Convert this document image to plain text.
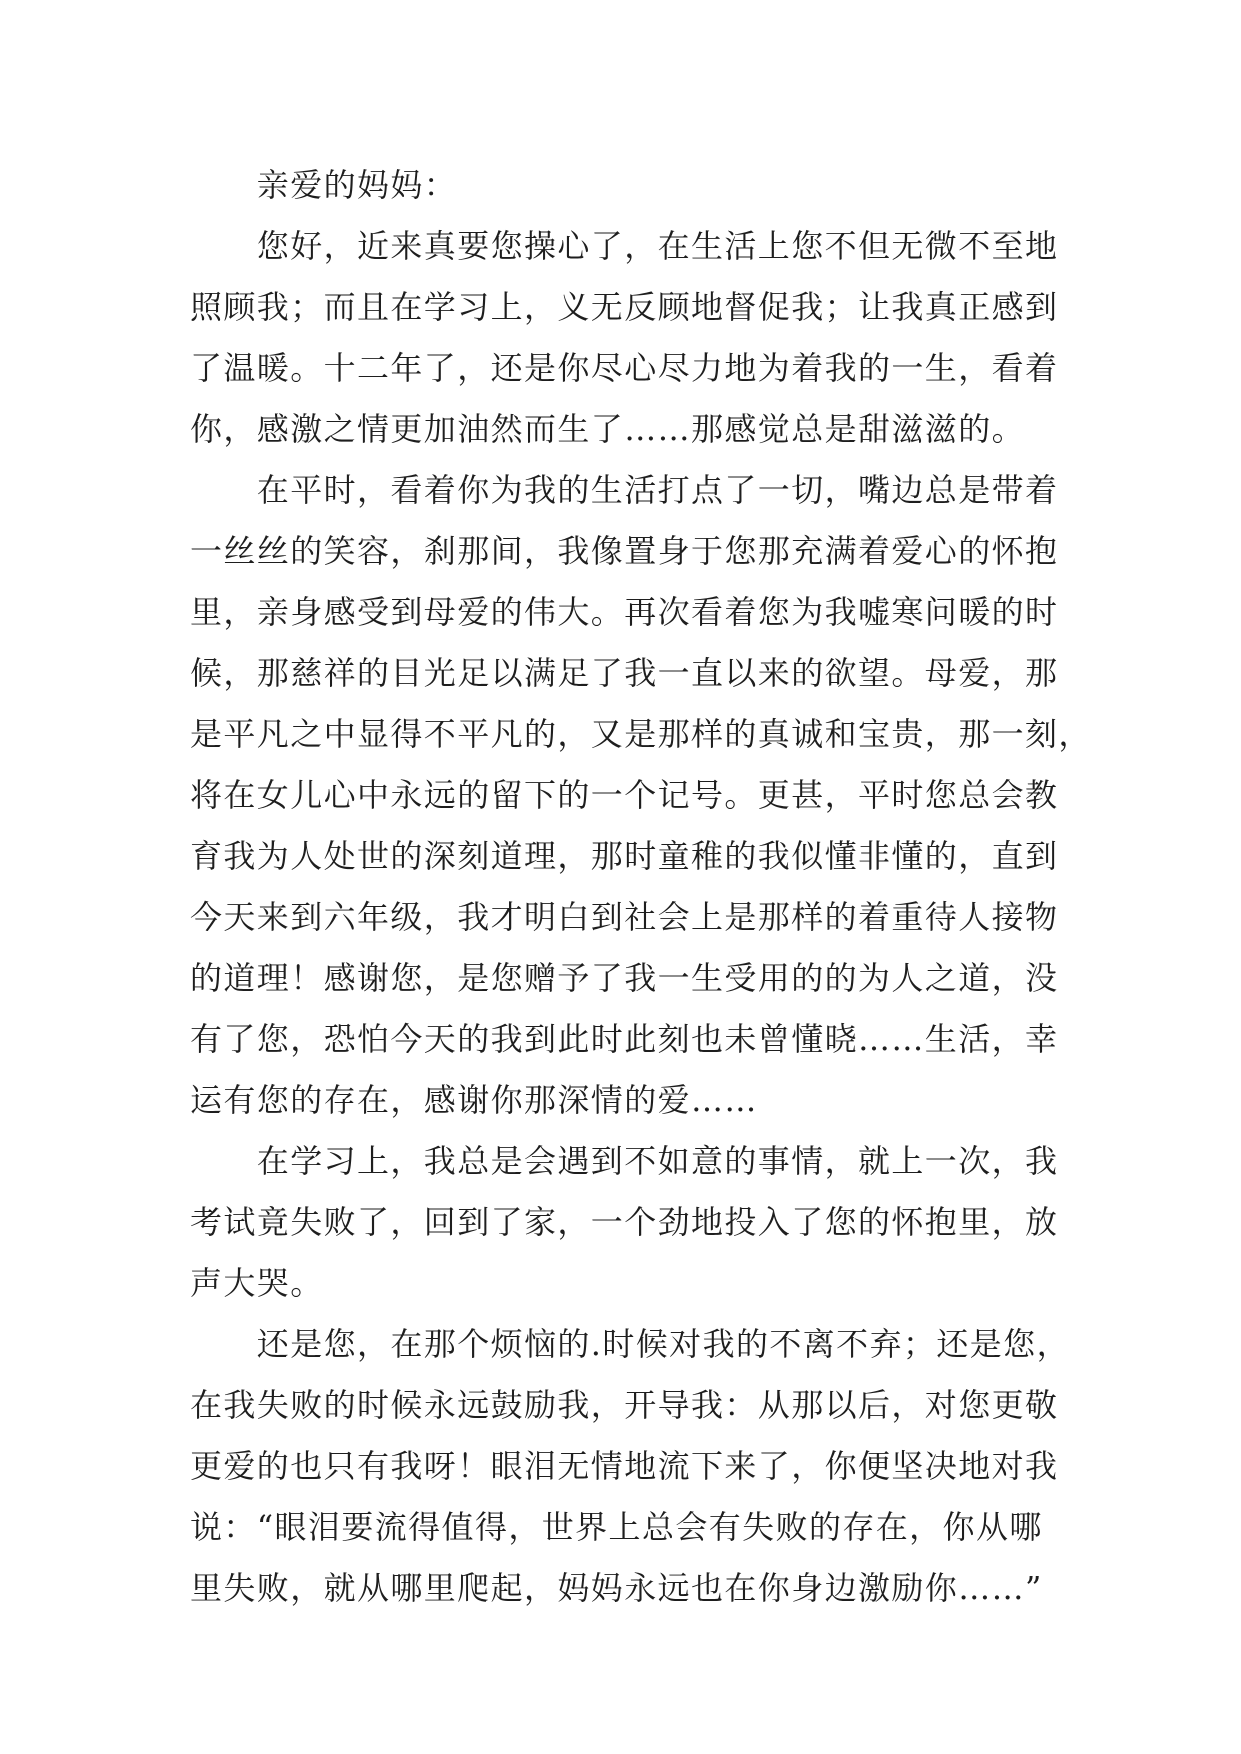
　　亲爱的妈妈：
　　您好，近来真要您操心了，在生活上您不但无微不至地
照顾我；而且在学习上，义无反顾地督促我；让我真正感到
了温暖。十二年了，还是你尽心尽力地为着我的一生，看着
你，感激之情更加油然而生了……那感觉总是甜滋滋的。
　　在平时，看着你为我的生活打点了一切，嘴边总是带着
一丝丝的笑容，刹那间，我像置身于您那充满着爱心的怀抱
里，亲身感受到母爱的伟大。再次看着您为我嘘寒问暖的时
候，那慈祥的目光足以满足了我一直以来的欲望。母爱，那
是平凡之中显得不平凡的，又是那样的真诚和宝贵，那一刻，
将在女儿心中永远的留下的一个记号。更甚，平时您总会教
育我为人处世的深刻道理，那时童稚的我似懂非懂的，直到
今天来到六年级，我才明白到社会上是那样的着重待人接物
的道理！感谢您，是您赠予了我一生受用的的为人之道，没
有了您，恐怕今天的我到此时此刻也未曾懂晓……生活，幸
运有您的存在，感谢你那深情的爱……
　　在学习上，我总是会遇到不如意的事情，就上一次，我
考试竟失败了，回到了家，一个劲地投入了您的怀抱里，放
声大哭。
　　还是您，在那个烦恼的.时候对我的不离不弃；还是您，
在我失败的时候永远鼓励我，开导我：从那以后，对您更敬
更爱的也只有我呀！眼泪无情地流下来了，你便坚决地对我
说：“眼泪要流得值得，世界上总会有失败的存在，你从哪
里失败，就从哪里爬起，妈妈永远也在你身边激励你……”
